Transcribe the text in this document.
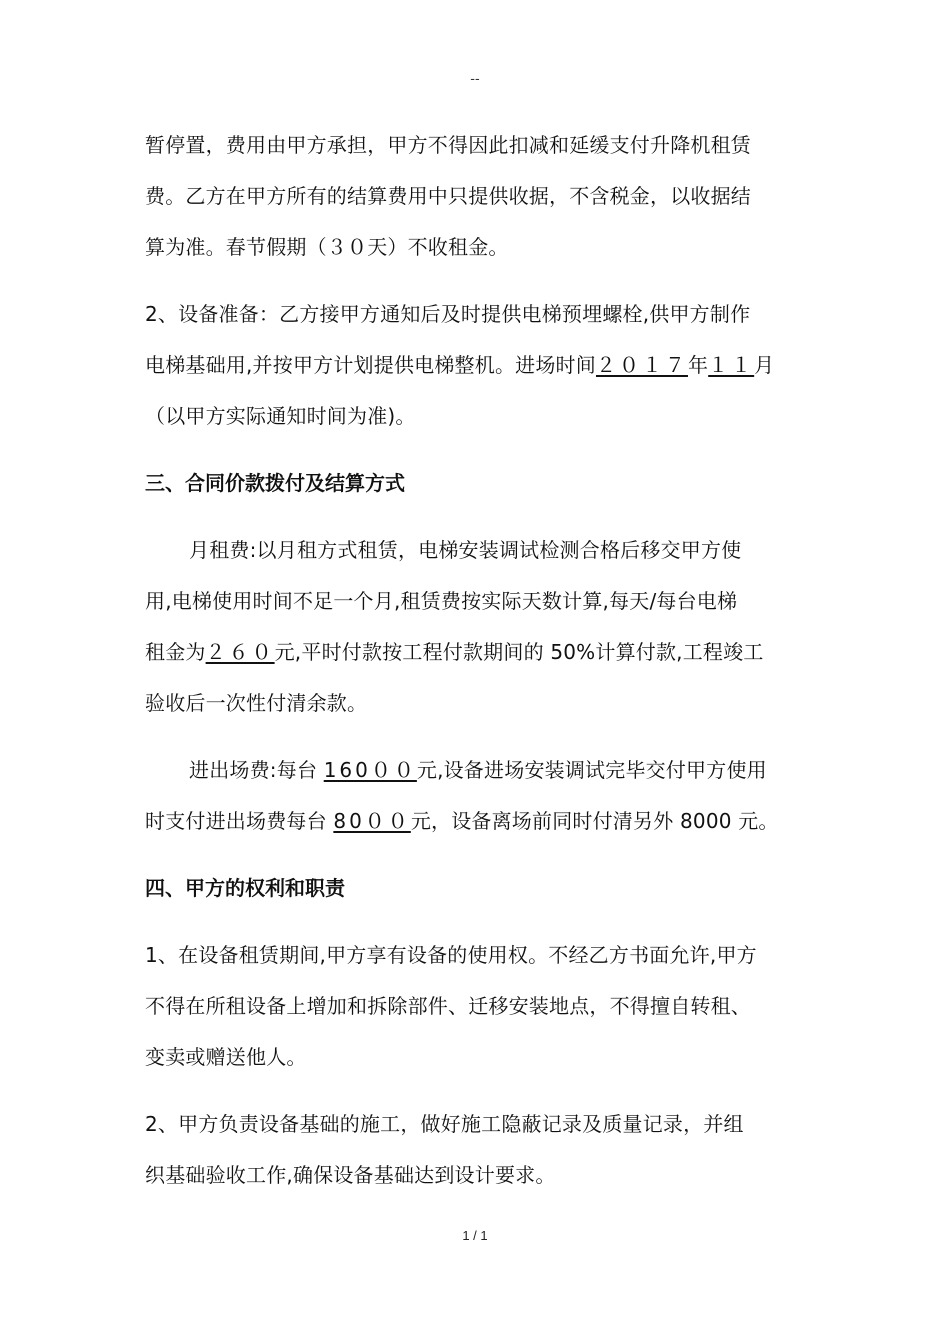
--

暂停置，费用由甲方承担，甲方不得因此扣减和延缓支付升降机租赁

费。乙方在甲方所有的结算费用中只提供收据，不含税金，以收据结

算为准。春节假期（３０天）不收租金。

2、设备准备：乙方接甲方通知后及时提供电梯预埋螺栓,供甲方制作

电梯基础用,并按甲方计划提供电梯整机。进场时间２０１７年１１月

（以甲方实际通知时间为准)。

三、合同价款拨付及结算方式

月租费:以月租方式租赁，电梯安装调试检测合格后移交甲方使

用,电梯使用时间不足一个月,租赁费按实际天数计算,每天/每台电梯

租金为２６０元,平时付款按工程付款期间的 50%计算付款,工程竣工

验收后一次性付清余款。

进出场费:每台 160００元,设备进场安装调试完毕交付甲方使用

时支付进出场费每台 80００元，设备离场前同时付清另外 8000 元。

四、甲方的权利和职责

1、在设备租赁期间,甲方享有设备的使用权。不经乙方书面允许,甲方

不得在所租设备上增加和拆除部件、迁移安装地点，不得擅自转租、

变卖或赠送他人。

2、甲方负责设备基础的施工，做好施工隐蔽记录及质量记录，并组

织基础验收工作,确保设备基础达到设计要求。

1 / 1
